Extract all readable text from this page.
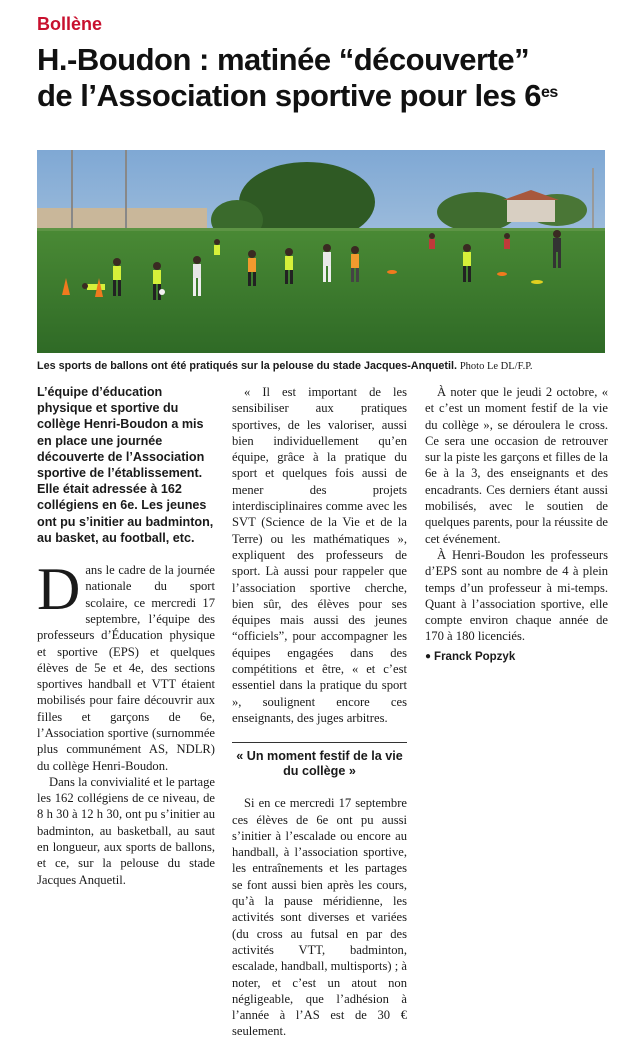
Bollène
H.-Boudon : matinée “découverte”
de l’Association sportive pour les $6^{es}$
Les sports de ballons ont été pratiqués sur la pelouse du stade Jacques-Anquetil. Photo Le DL/F.P.

L’équipe d’éducation physique et sportive du collège Henri-Boudon a mis en place une journée découverte de l’Association sportive de l’établissement. Elle était adressée à 162 collégiens en 6e. Les jeunes ont pu s’initier au badminton, au basket, au football, etc.

Dans le cadre de la journée nationale du sport scolaire, ce mercredi 17 septembre, l’équipe des professeurs d’Éducation physique et sportive (EPS) et quelques élèves de 5e et 4e, des sections sportives handball et VTT étaient mobilisés pour faire découvrir aux filles et garçons de 6e, l’Association sportive (surnommée plus communément AS, NDLR) du collège Henri-Boudon.

Dans la convivialité et le partage les 162 collégiens de ce niveau, de 8 h 30 à 12 h 30, ont pu s’initier au badminton, au basketball, au saut en longueur, aux sports de ballons, et ce, sur la pelouse du stade Jacques Anquetil.

« Il est important de les sensibiliser aux pratiques sportives, de les valoriser, aussi bien individuellement qu’en équipe, grâce à la pratique du sport et quelques fois aussi de mener des projets interdisciplinaires comme avec les SVT (Science de la Vie et de la Terre) ou les mathématiques », expliquent des professeurs de sport. Là aussi pour rappeler que l’association sportive cherche, bien sûr, des élèves pour ses équipes mais aussi des jeunes “officiels”, pour accompagner les équipes engagées dans des compétitions et être, « et c’est essentiel dans la pratique du sport », soulignent encore ces enseignants, des juges arbitres.

« Un moment festif de la vie du collège »

Si en ce mercredi 17 septembre ces élèves de 6e ont pu aussi s’initier à l’escalade ou encore au handball, à l’association sportive, les entraînements et les partages se font aussi bien après les cours, qu’à la pause méridienne, les activités sont diverses et variées (du cross au futsal en par des activités VTT, badminton, escalade, handball, multisports) ; à noter, et c’est un atout non négligeable, que l’adhésion à l’année à l’AS est de 30 € seulement.

À noter que le jeudi 2 octobre, « et c’est un moment festif de la vie du collège », se déroulera le cross. Ce sera une occasion de retrouver sur la piste les garçons et filles de la 6e à la 3, des enseignants et des encadrants. Ces derniers étant aussi mobilisés, avec le soutien de quelques parents, pour la réussite de cet événement.

À Henri-Boudon les professeurs d’EPS sont au nombre de 4 à plein temps d’un professeur à mi-temps. Quant à l’association sportive, elle compte environ chaque année de 170 à 180 licenciés.

● Franck Popzyk
